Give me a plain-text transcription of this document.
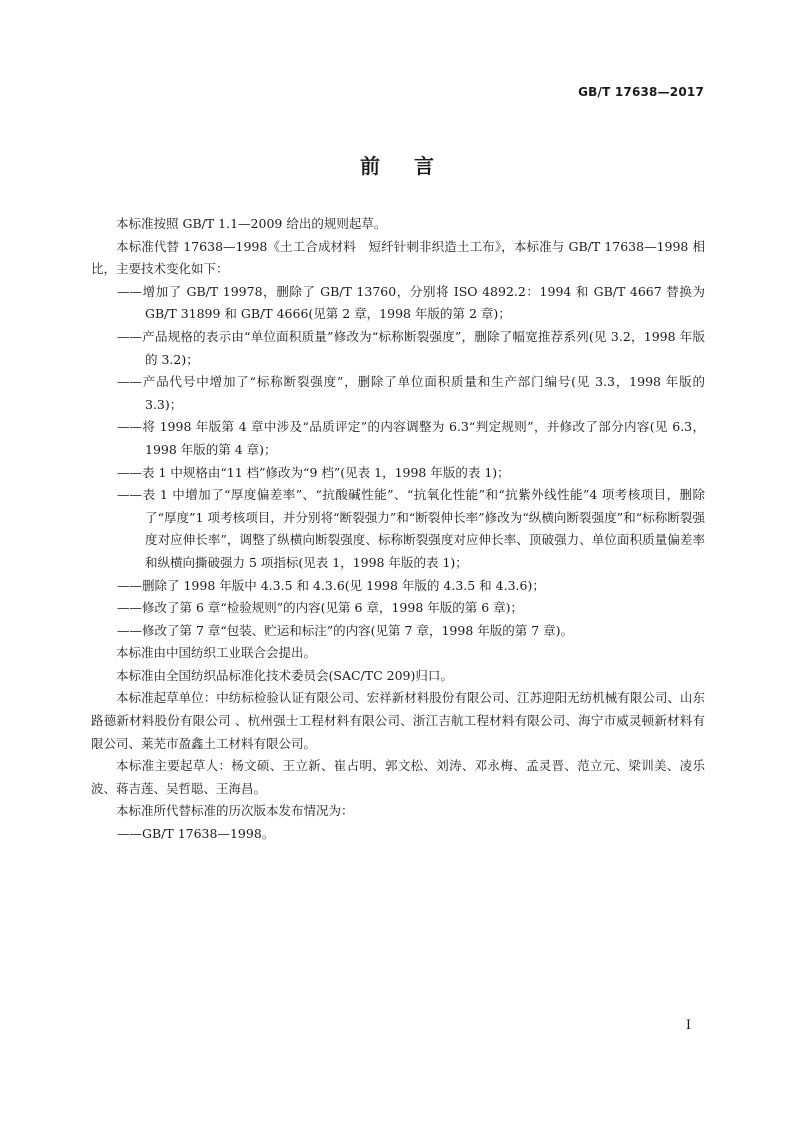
GB/T 17638—2017
前言

本标准按照 GB/T 1.1—2009 给出的规则起草。

本标准代替 17638—1998《土工合成材料　短纤针刺非织造土工布》，本标准与 GB/T 17638—1998 相比，主要技术变化如下：

——增加了 GB/T 19978，删除了 GB/T 13760，分别将 ISO 4892.2：1994 和 GB/T 4667 替换为 GB/T 31899 和 GB/T 4666(见第 2 章，1998 年版的第 2 章)；

——产品规格的表示由“单位面积质量”修改为“标称断裂强度”，删除了幅宽推荐系列(见 3.2，1998 年版的 3.2)；

——产品代号中增加了“标称断裂强度”，删除了单位面积质量和生产部门编号(见 3.3，1998 年版的 3.3)；

——将 1998 年版第 4 章中涉及“品质评定”的内容调整为 6.3“判定规则”，并修改了部分内容(见 6.3，1998 年版的第 4 章)；

——表 1 中规格由“11 档”修改为“9 档”(见表 1，1998 年版的表 1)；

——表 1 中增加了“厚度偏差率”、“抗酸碱性能”、“抗氧化性能”和“抗紫外线性能”4 项考核项目，删除了“厚度”1 项考核项目，并分别将“断裂强力”和“断裂伸长率”修改为“纵横向断裂强度”和“标称断裂强度对应伸长率”，调整了纵横向断裂强度、标称断裂强度对应伸长率、顶破强力、单位面积质量偏差率和纵横向撕破强力 5 项指标(见表 1，1998 年版的表 1)；

——删除了 1998 年版中 4.3.5 和 4.3.6(见 1998 年版的 4.3.5 和 4.3.6)；

——修改了第 6 章“检验规则”的内容(见第 6 章，1998 年版的第 6 章)；

——修改了第 7 章“包装、贮运和标注”的内容(见第 7 章，1998 年版的第 7 章)。

本标准由中国纺织工业联合会提出。

本标准由全国纺织品标准化技术委员会(SAC/TC 209)归口。

本标准起草单位：中纺标检验认证有限公司、宏祥新材料股份有限公司、江苏迎阳无纺机械有限公司、山东路德新材料股份有限公司 、杭州强士工程材料有限公司、浙江吉航工程材料有限公司、海宁市威灵顿新材料有限公司、莱芜市盈鑫土工材料有限公司。

本标准主要起草人：杨文硕、王立新、崔占明、郭文松、刘涛、邓永梅、孟灵晋、范立元、梁训美、凌乐波、蒋吉莲、吴哲聪、王海昌。

本标准所代替标准的历次版本发布情况为：

——GB/T 17638—1998。

I
